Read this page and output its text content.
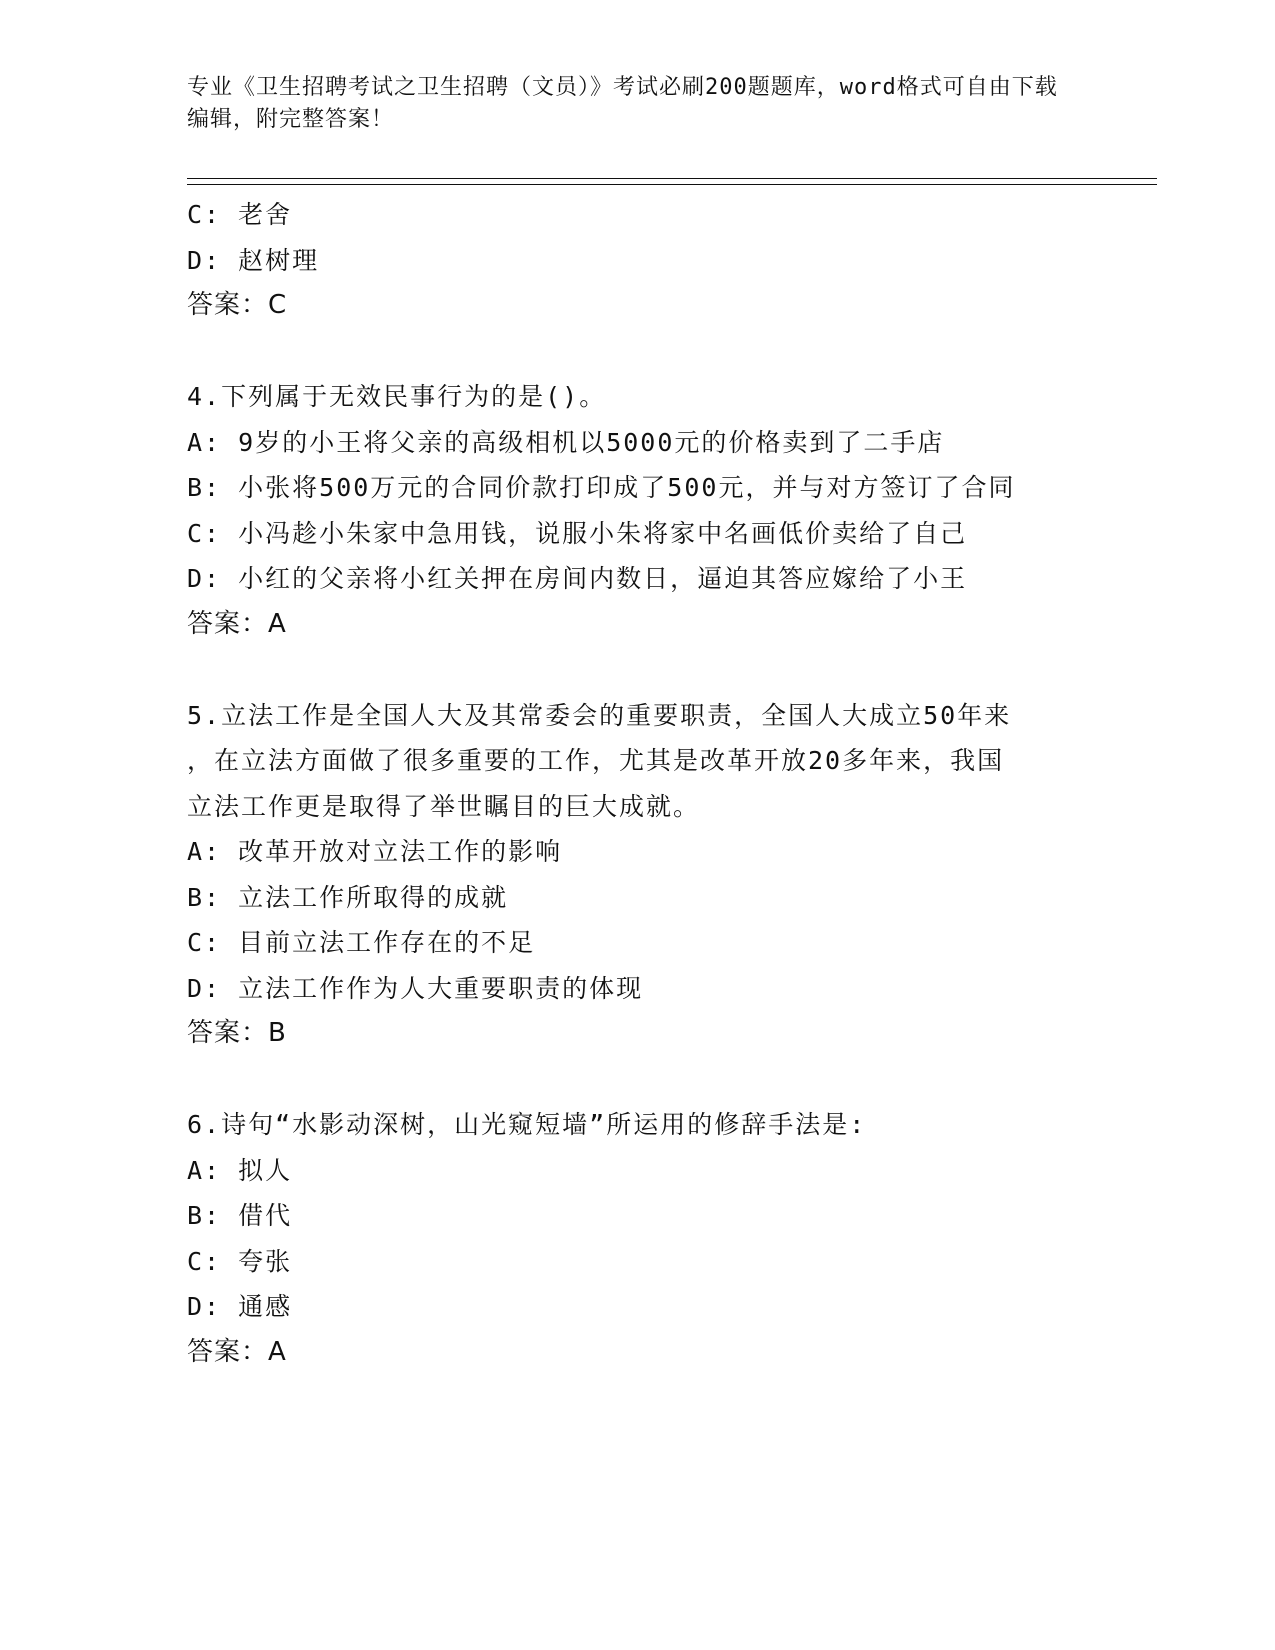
专业《卫生招聘考试之卫生招聘（文员）》考试必刷200题题库，word格式可自由下载编辑，附完整答案！
C: 老舍
D: 赵树理
答案：C
4.下列属于无效民事行为的是()。
A: 9岁的小王将父亲的高级相机以5000元的价格卖到了二手店
B: 小张将500万元的合同价款打印成了500元，并与对方签订了合同
C: 小冯趁小朱家中急用钱，说服小朱将家中名画低价卖给了自己
D: 小红的父亲将小红关押在房间内数日，逼迫其答应嫁给了小王
答案：A
5.立法工作是全国人大及其常委会的重要职责，全国人大成立50年来
，在立法方面做了很多重要的工作，尤其是改革开放20多年来，我国
立法工作更是取得了举世瞩目的巨大成就。
A: 改革开放对立法工作的影响
B: 立法工作所取得的成就
C: 目前立法工作存在的不足
D: 立法工作作为人大重要职责的体现
答案：B
6.诗句“水影动深树，山光窥短墙”所运用的修辞手法是:
A: 拟人
B: 借代
C: 夸张
D: 通感
答案：A
